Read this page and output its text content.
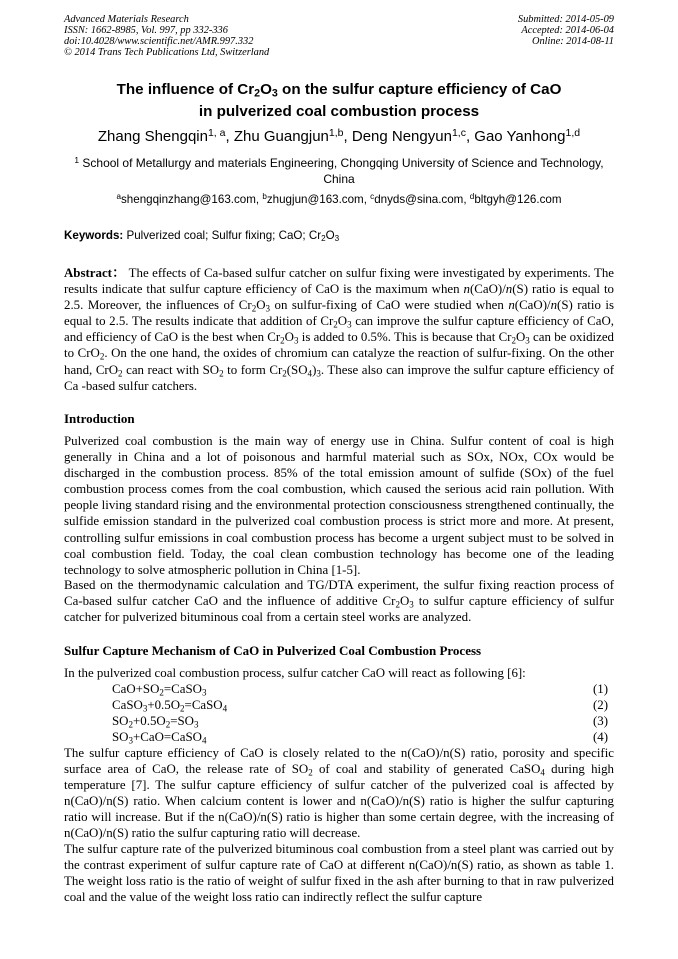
Advanced Materials Research
ISSN: 1662-8985, Vol. 997, pp 332-336
doi:10.4028/www.scientific.net/AMR.997.332
© 2014 Trans Tech Publications Ltd, Switzerland
Submitted: 2014-05-09
Accepted: 2014-06-04
Online: 2014-08-11
The influence of $Cr_2O_3$ on the sulfur capture efficiency of CaO
in pulverized coal combustion process
Zhang Shengqin$^{1, a}$, Zhu Guangjun$^{1,b}$, Deng Nengyun$^{1,c}$, Gao Yanhong$^{1,d}$
$^1$ School of Metallurgy and materials Engineering, Chongqing University of Science and Technology, China
$^a$shengqinzhang@163.com, $^b$zhugjun@163.com, $^c$dnyds@sina.com, $^d$bltgyh@126.com
Keywords: Pulverized coal; Sulfur fixing; CaO; $Cr_2O_3$
Abstract： The effects of Ca-based sulfur catcher on sulfur fixing were investigated by experiments. The results indicate that sulfur capture efficiency of CaO is the maximum when n(CaO)/n(S) ratio is equal to 2.5. Moreover, the influences of $Cr_2O_3$ on sulfur-fixing of CaO were studied when n(CaO)/n(S) ratio is equal to 2.5. The results indicate that addition of $Cr_2O_3$ can improve the sulfur capture efficiency of CaO, and efficiency of CaO is the best when $Cr_2O_3$ is added to 0.5%. This is because that $Cr_2O_3$ can be oxidized to CrO$_2$. On the one hand, the oxides of chromium can catalyze the reaction of sulfur-fixing. On the other hand, CrO$_2$ can react with $SO_2$ to form $Cr_2(SO_4)_3$. These also can improve the sulfur capture efficiency of Ca -based sulfur catchers.
Introduction
Pulverized coal combustion is the main way of energy use in China. Sulfur content of coal is high generally in China and a lot of poisonous and harmful material such as SOx, NOx, COx would be discharged in the combustion process. 85% of the total emission amount of sulfide (SOx) of the fuel combustion process comes from the coal combustion, which caused the serious acid rain pollution. With people living standard rising and the environmental protection consciousness strengthened continually, the sulfide emission standard in the pulverized coal combustion process is strict more and more. At present, controlling sulfur emissions in coal combustion process has become a urgent subject must to be solved in coal combustion field. Today, the coal clean combustion technology has become one of the leading technology to solve atmospheric pollution in China [1-5].
Based on the thermodynamic calculation and TG/DTA experiment, the sulfur fixing reaction process of Ca-based sulfur catcher CaO and the influence of additive $Cr_2O_3$ to sulfur capture efficiency of sulfur catcher for pulverized bituminous coal from a certain steel works are analyzed.
Sulfur Capture Mechanism of CaO in Pulverized Coal Combustion Process
In the pulverized coal combustion process, sulfur catcher CaO will react as following [6]:
$CaO+SO_2=CaSO_3$	(1)
$CaSO_3+0.5O_2=CaSO_4$	(2)
$SO_2+0.5O_2=SO_3$	(3)
$SO_3+CaO=CaSO_4$	(4)
The sulfur capture efficiency of CaO is closely related to the n(CaO)/n(S) ratio, porosity and specific surface area of CaO, the release rate of $SO_2$ of coal and stability of generated CaSO$_4$ during high temperature [7]. The sulfur capture efficiency of sulfur catcher of the pulverized coal is affected by n(CaO)/n(S) ratio. When calcium content is lower and n(CaO)/n(S) ratio is higher the sulfur capturing ratio will increase. But if the n(CaO)/n(S) ratio is higher than some certain degree, with the increasing of n(CaO)/n(S) ratio the sulfur capturing ratio will decrease.
The sulfur capture rate of the pulverized bituminous coal combustion from a steel plant was carried out by the contrast experiment of sulfur capture rate of CaO at different n(CaO)/n(S) ratio, as shown as table 1. The weight loss ratio is the ratio of weight of sulfur fixed in the ash after burning to that in raw pulverized coal and the value of the weight loss ratio can indirectly reflect the sulfur capture
